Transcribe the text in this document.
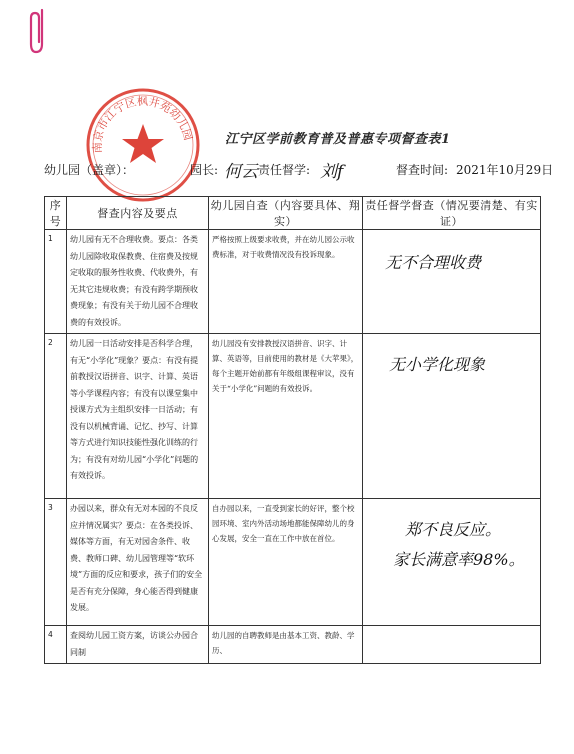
南京市江宁区枫井苑幼儿园 江宁区学前教育普及普惠专项督查表1
幼儿园（盖章）：	园长: 何云 责任督学: 刘f	督查时间: 2021年10月29日
序号	督查内容及要点	幼儿园自查（内容要具体、翔实）	责任督学督查（情况要清楚、有实证）
1	幼儿园有无不合理收费。要点：各类幼儿园除收取保教费、住宿费及按规定收取的服务性收费、代收费外，有无其它违规收费；有没有跨学期预收费现象；有没有关于幼儿园不合理收费的有效投诉。	严格按照上级要求收费，并在幼儿园公示收费标准，对于收费情况没有投诉现象。	无不合理收费

2	幼儿园一日活动安排是否科学合理，有无“小学化”现象？要点：有没有提前教授汉语拼音、识字、计算、英语等小学课程内容；有没有以课堂集中授课方式为主组织安排一日活动；有没有以机械背诵、记忆、抄写、计算等方式进行知识技能性强化训练的行为；有没有对幼儿园“小学化”问题的有效投诉。	幼儿园没有安排教授汉语拼音、识字、计算、英语等，目前使用的教材是《大苹果》，每个主题开始前都有年级组课程审议，没有关于“小学化”问题的有效投诉。	无小学化现象

3	办园以来，群众有无对本园的不良反应并情况属实？要点：在各类投诉、媒体等方面，有无对园舍条件、收费、教师口碑、幼儿园管理等“软环境”方面的反应和要求，孩子们的安全是否有充分保障，身心能否得到健康发展。	自办园以来，一直受到家长的好评，整个校园环境、室内外活动场地都能保障幼儿的身心发展，安全一直在工作中放在首位。	郑不良反应。
家长满意率98%。

4	查阅幼儿园工资方案，访谈公办园合同制	幼儿园的自聘教师是由基本工资、教龄、学历、	
